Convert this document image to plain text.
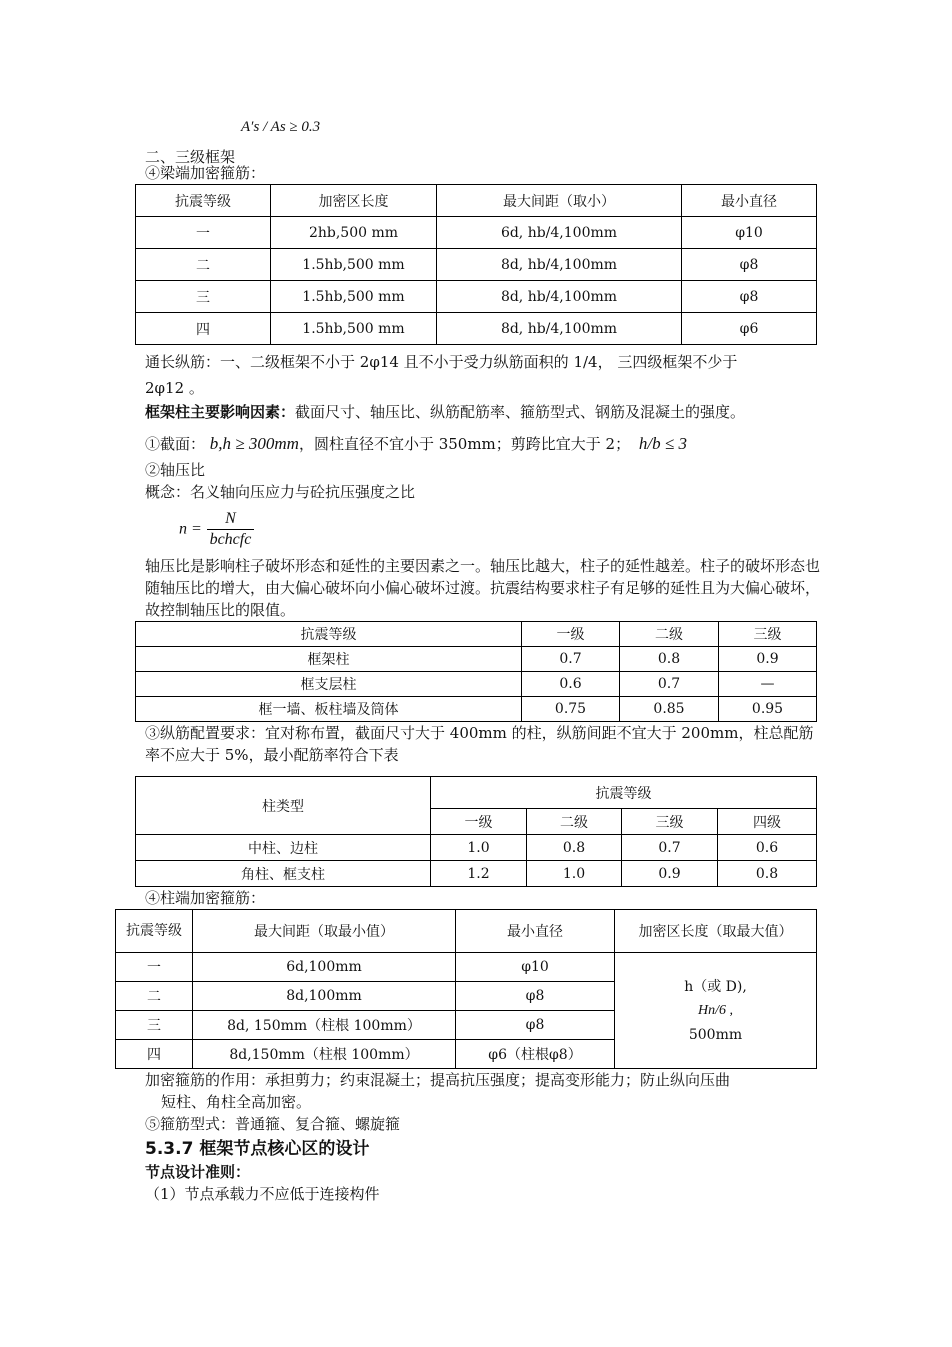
二、三级框架
A′s / As ≥ 0.3
④梁端加密箍筋：
抗震等级	加密区长度	最大间距（取小）	最小直径
一	2hb,500 mm	6d, hb/4,100mm	φ10
二	1.5hb,500 mm	8d, hb/4,100mm	φ8
三	1.5hb,500 mm	8d, hb/4,100mm	φ8
四	1.5hb,500 mm	8d, hb/4,100mm	φ6
通长纵筋：一、二级框架不小于 2φ14 且不小于受力纵筋面积的 1/4， 三四级框架不少于
2φ12 。
框架柱主要影响因素：截面尺寸、轴压比、纵筋配筋率、箍筋型式、钢筋及混凝土的强度。
①截面： b,h ≥ 300mm，圆柱直径不宜小于 350mm；剪跨比宜大于 2； h/b ≤ 3
②轴压比
概念：名义轴向压应力与砼抗压强度之比
$n = \frac{N}{\text{bchcfc}}$
轴压比是影响柱子破坏形态和延性的主要因素之一。轴压比越大，柱子的延性越差。柱子的破坏形态也随轴压比的增大，由大偏心破坏向小偏心破坏过渡。抗震结构要求柱子有足够的延性且为大偏心破坏，故控制轴压比的限值。
抗震等级	一级	二级	三级
框架柱	0.7	0.8	0.9
框支层柱	0.6	0.7	—
框一墙、板柱墙及筒体	0.75	0.85	0.95
③纵筋配置要求：宜对称布置，截面尺寸大于 400mm 的柱，纵筋间距不宜大于 200mm，柱总配筋率不应大于 5%，最小配筋率符合下表
柱类型	抗震等级			
	一级	二级	三级	四级
中柱、边柱	1.0	0.8	0.7	0.6
角柱、框支柱	1.2	1.0	0.9	0.8
④柱端加密箍筋：
抗震等级	最大间距（取最小值）	最小直径	加密区长度（取最大值）
一	6d,100mm	φ10	h（或 D),
Hn/6 ,
500mm

二	8d,100mm	φ8	
三	8d, 150mm（柱根 100mm）	φ8	
四	8d,150mm（柱根 100mm）	φ6（柱根φ8）	
加密箍筋的作用：承担剪力；约束混凝土；提高抗压强度；提高变形能力；防止纵向压曲
短柱、角柱全高加密。
⑤箍筋型式：普通箍、复合箍、螺旋箍
5.3.7 框架节点核心区的设计
节点设计准则：
（1）节点承载力不应低于连接构件
